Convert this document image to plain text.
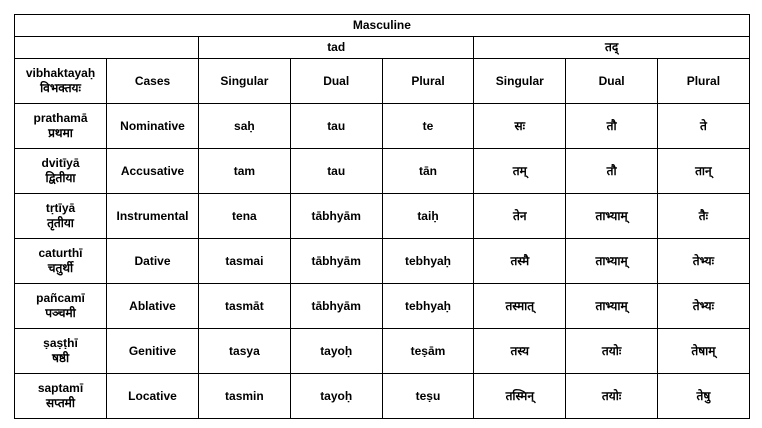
Masculine							
		tad			तद्		

vibhaktayaḥ
विभक्तयः	Cases	Singular	Dual	Plural	Singular	Dual	Plural

prathamā
प्रथमा	Nominative	saḥ	tau	te	सः	तौ	ते

dvitīyā
द्वितीया	Accusative	tam	tau	tān	तम्	तौ	तान्

tṛtīyā
तृतीया	Instrumental	tena	tābhyām	taiḥ	तेन	ताभ्याम्	तैः

caturthī
चतुर्थी	Dative	tasmai	tābhyām	tebhyaḥ	तस्मै	ताभ्याम्	तेभ्यः

pañcamī
पञ्चमी	Ablative	tasmāt	tābhyām	tebhyaḥ	तस्मात्	ताभ्याम्	तेभ्यः

ṣaṣṭhī
षष्ठी	Genitive	tasya	tayoḥ	teṣām	तस्य	तयोः	तेषाम्

saptamī
सप्तमी	Locative	tasmin	tayoḥ	teṣu	तस्मिन्	तयोः	तेषु
